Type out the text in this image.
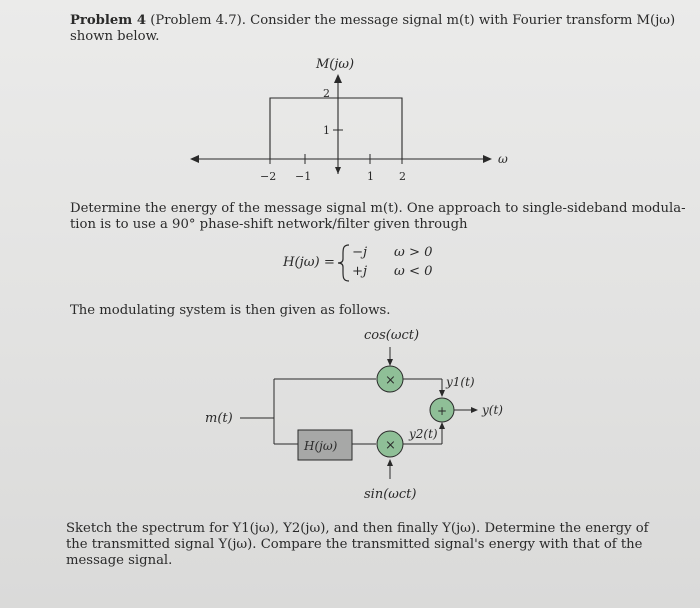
Problem 4 (Problem 4.7). Consider the message signal m(t) with Fourier transform M(jω)
shown below.
M(jω)
2
1
−2 −1	1 2
ω
Determine the energy of the message signal m(t). One approach to single-sideband modula-
tion is to use a 90° phase-shift network/filter given through
H(jω) =
−j ω > 0
+j ω < 0
The modulating system is then given as follows.
cos(ωct)
×	y1(t)
m(t)
H(jω)	×
sin(ωct)
y2(t)
+	y(t)
Sketch the spectrum for Y1(jω), Y2(jω), and then finally Y(jω). Determine the energy of
the transmitted signal Y(jω). Compare the transmitted signal's energy with that of the
message signal.
